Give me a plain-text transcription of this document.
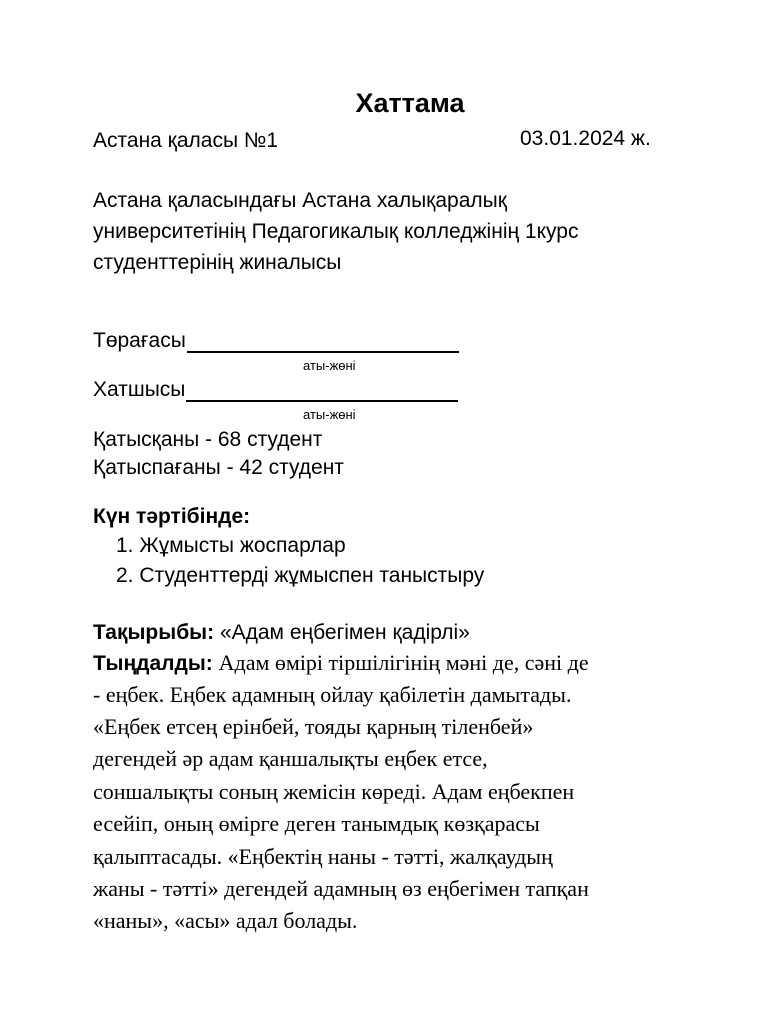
Хаттама
Астана қаласы №1	03.01.2024 ж.
Астана қаласындағы Астана халықаралық
университетінің Педагогикалық колледжінің 1курс
студенттерінің жиналысы
Төрағасы
аты-жөні
Хатшысы
аты-жөні
Қатысқаны - 68 студент
Қатыспағаны - 42 студент
Күн тәртібінде:
1. Жұмысты жоспарлар
2. Студенттерді жұмыспен таныстыру
Тақырыбы: «Адам еңбегімен қадірлі»
Тыңдалды: Адам өмірі тіршілігінің мәні де, сәні де
- еңбек. Еңбек адамның ойлау қабілетін дамытады.
«Еңбек етсең ерінбей, тояды қарның тіленбей»
дегендей әр адам қаншалықты еңбек етсе,
соншалықты соның жемісін көреді. Адам еңбекпен
есейіп, оның өмірге деген танымдық көзқарасы
қалыптасады. «Еңбектің наны - тәтті, жалқаудың
жаны - тәтті» дегендей адамның өз еңбегімен тапқан
«наны», «асы» адал болады.
